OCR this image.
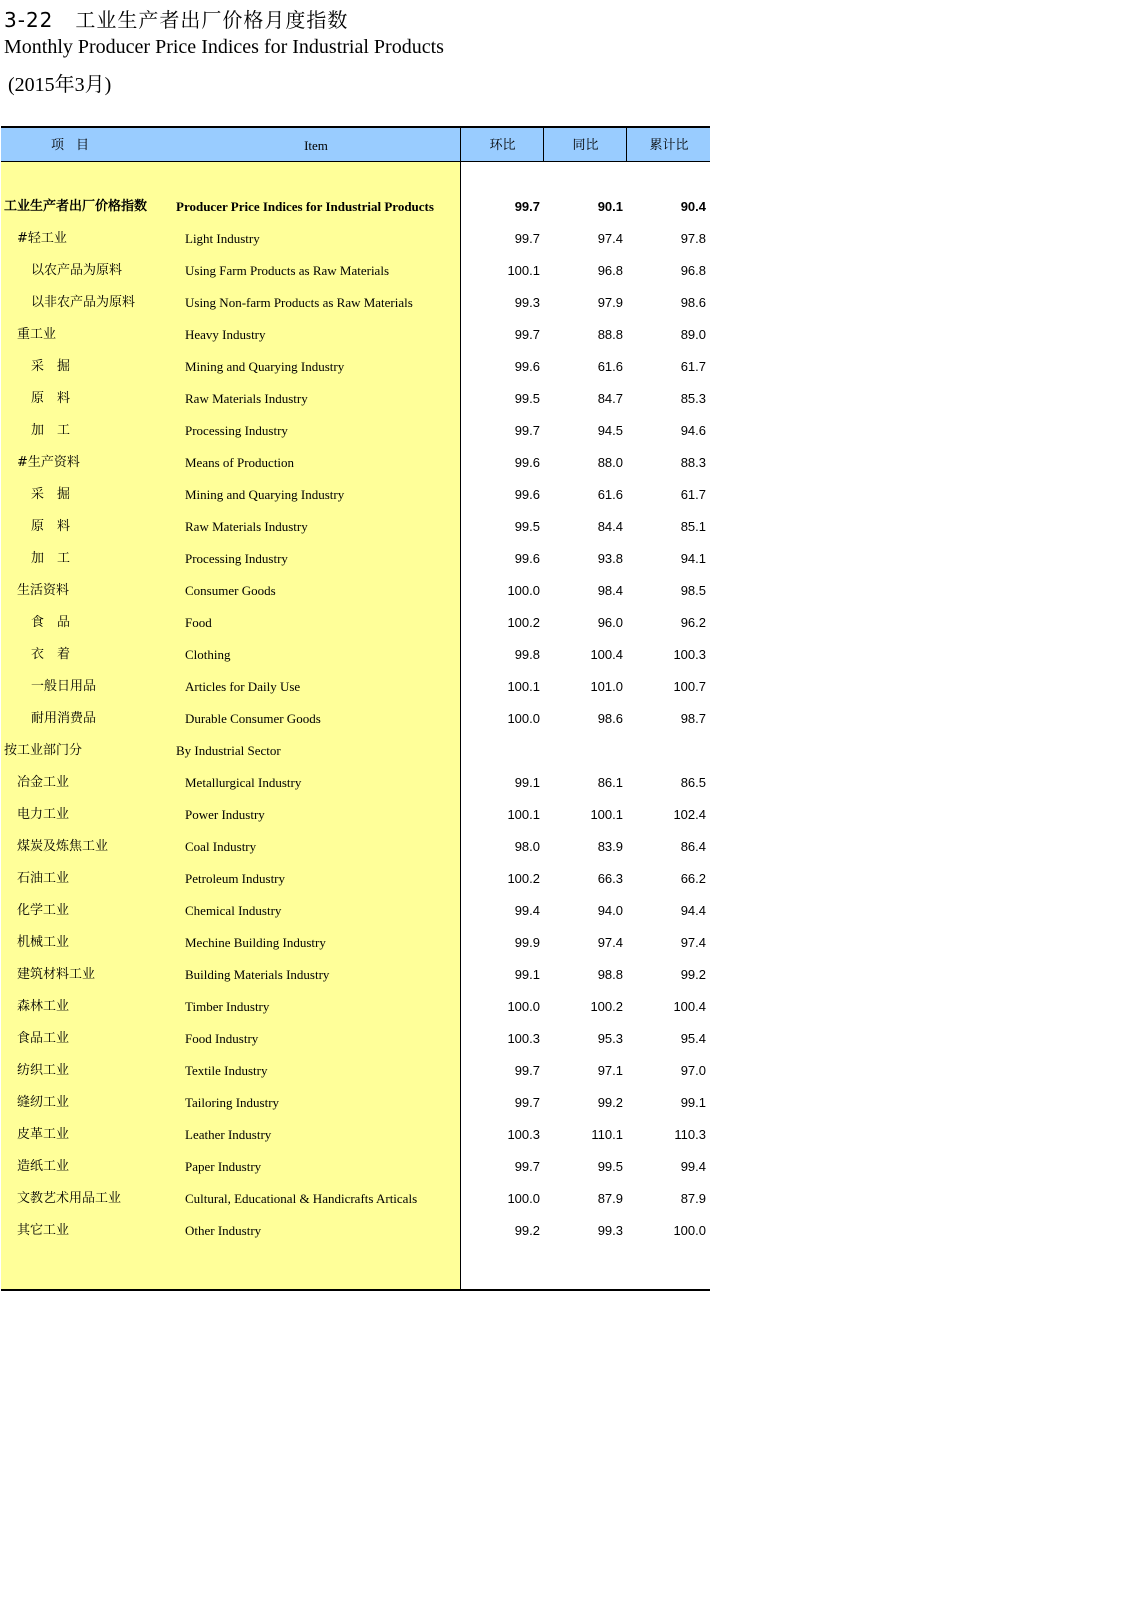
3-22 工业生产者出厂价格月度指数
Monthly Producer Price Indices for Industrial Products
(2015年3月)
项目	Item	环比	同比	累计比
工业生产者出厂价格指数 Producer Price Indices for Industrial Products	99.7	90.1	90.4
#轻工业	Light Industry	99.7	97.4	97.8
以农产品为原料	Using Farm Products as Raw Materials	100.1	96.8	96.8
以非农产品为原料	Using Non-farm Products as Raw Materials	99.3	97.9	98.6
重工业	Heavy Industry	99.7	88.8	89.0
采　掘	Mining and Quarying Industry	99.6	61.6	61.7
原　料	Raw Materials Industry	99.5	84.7	85.3
加　工	Processing Industry	99.7	94.5	94.6
#生产资料	Means of Production	99.6	88.0	88.3
采　掘	Mining and Quarying Industry	99.6	61.6	61.7
原　料	Raw Materials Industry	99.5	84.4	85.1
加　工	Processing Industry	99.6	93.8	94.1
生活资料	Consumer Goods	100.0	98.4	98.5
食　品	Food	100.2	96.0	96.2
衣　着	Clothing	99.8	100.4	100.3
一般日用品	Articles for Daily Use	100.1	101.0	100.7
耐用消费品	Durable Consumer Goods	100.0	98.6	98.7
按工业部门分	By Industrial Sector
冶金工业	Metallurgical Industry	99.1	86.1	86.5
电力工业	Power Industry	100.1	100.1	102.4
煤炭及炼焦工业	Coal Industry	98.0	83.9	86.4
石油工业	Petroleum Industry	100.2	66.3	66.2
化学工业	Chemical Industry	99.4	94.0	94.4
机械工业	Mechine Building Industry	99.9	97.4	97.4
建筑材料工业	Building Materials Industry	99.1	98.8	99.2
森林工业	Timber Industry	100.0	100.2	100.4
食品工业	Food Industry	100.3	95.3	95.4
纺织工业	Textile Industry	99.7	97.1	97.0
缝纫工业	Tailoring Industry	99.7	99.2	99.1
皮革工业	Leather Industry	100.3	110.1	110.3
造纸工业	Paper Industry	99.7	99.5	99.4
文教艺术用品工业	Cultural, Educational & Handicrafts Articals	100.0	87.9	87.9
其它工业	Other Industry	99.2	99.3	100.0
